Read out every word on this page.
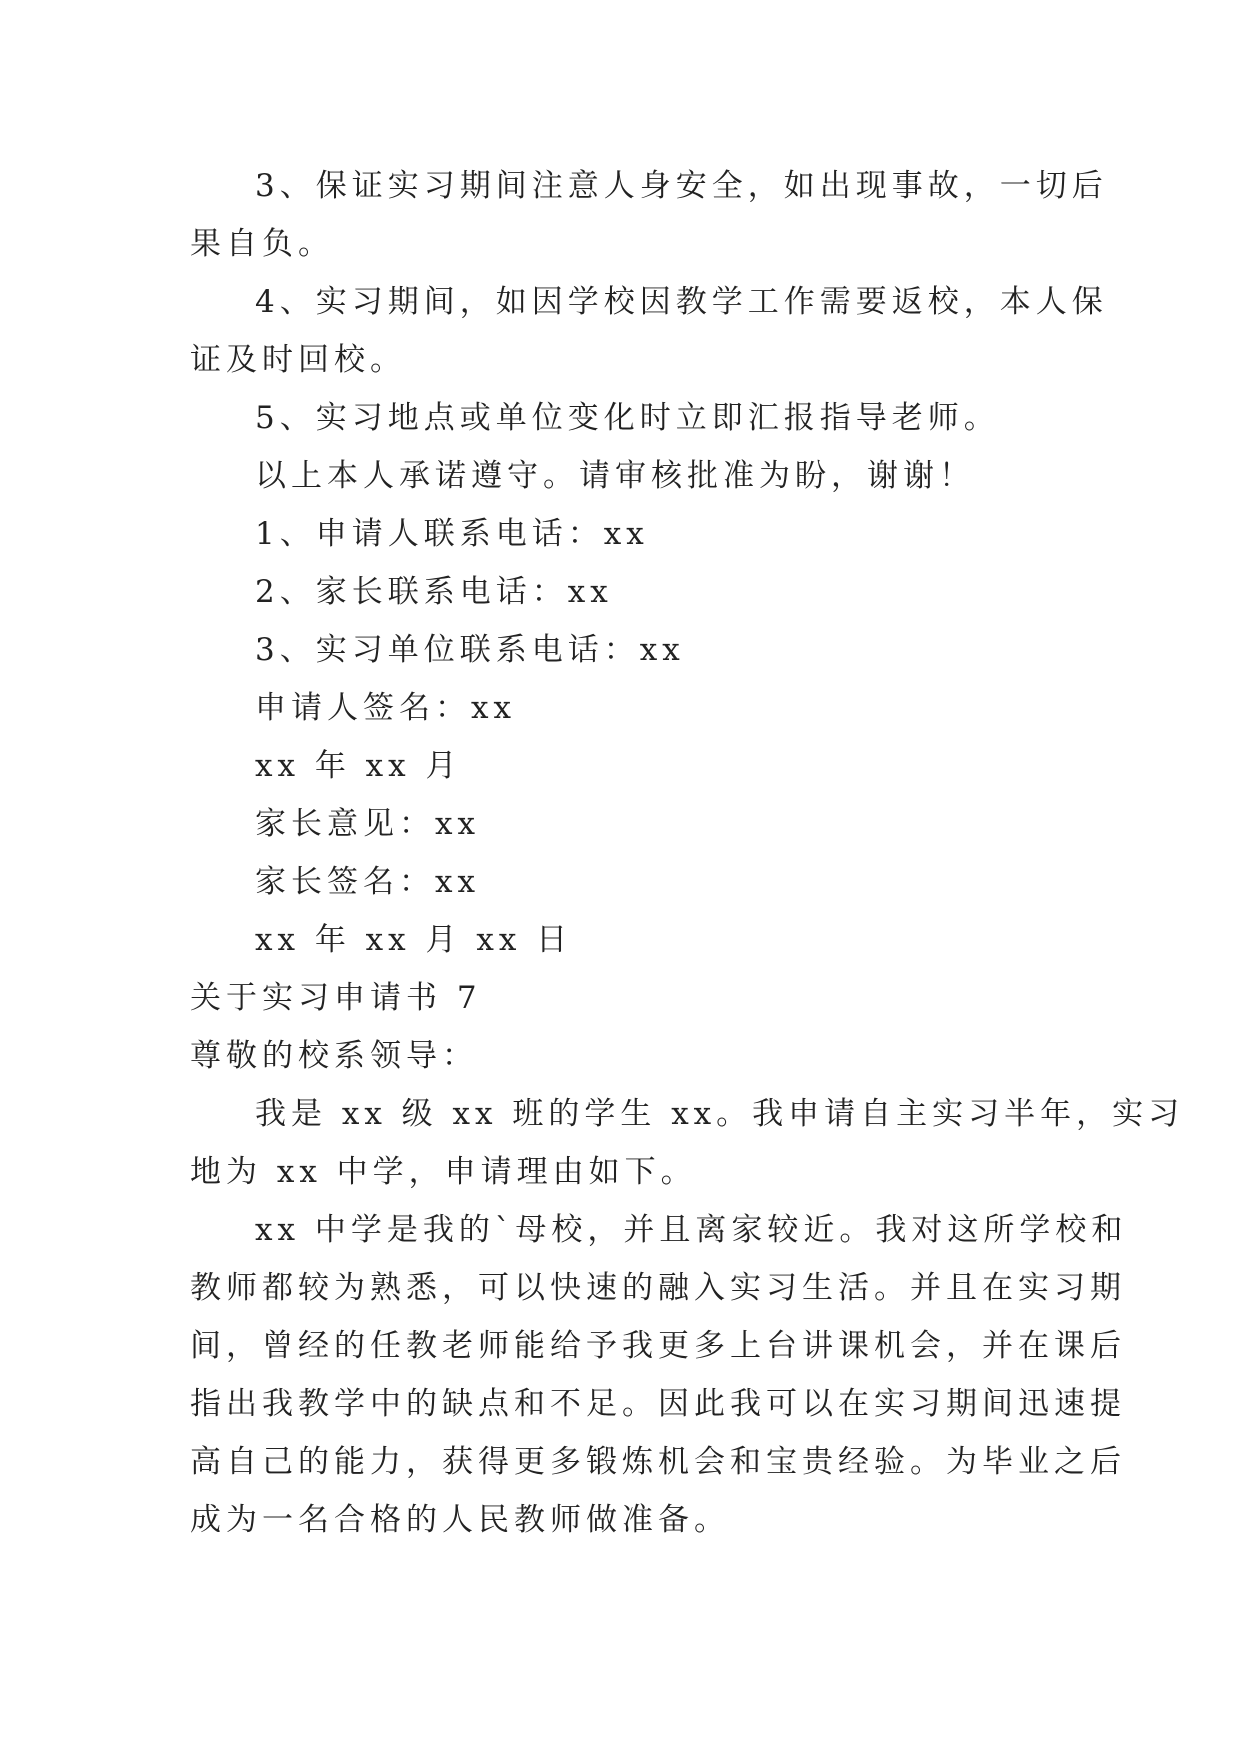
3、保证实习期间注意人身安全，如出现事故，一切后
果自负。
4、实习期间，如因学校因教学工作需要返校，本人保
证及时回校。
5、实习地点或单位变化时立即汇报指导老师。
以上本人承诺遵守。请审核批准为盼，谢谢！
1、申请人联系电话：xx
2、家长联系电话：xx
3、实习单位联系电话：xx
申请人签名：xx
xx 年 xx 月
家长意见：xx
家长签名：xx
xx 年 xx 月 xx 日
关于实习申请书 7
尊敬的校系领导：
我是 xx 级 xx 班的学生 xx。我申请自主实习半年，实习
地为 xx 中学，申请理由如下。
xx 中学是我的`母校，并且离家较近。我对这所学校和
教师都较为熟悉，可以快速的融入实习生活。并且在实习期
间，曾经的任教老师能给予我更多上台讲课机会，并在课后
指出我教学中的缺点和不足。因此我可以在实习期间迅速提
高自己的能力，获得更多锻炼机会和宝贵经验。为毕业之后
成为一名合格的人民教师做准备。
